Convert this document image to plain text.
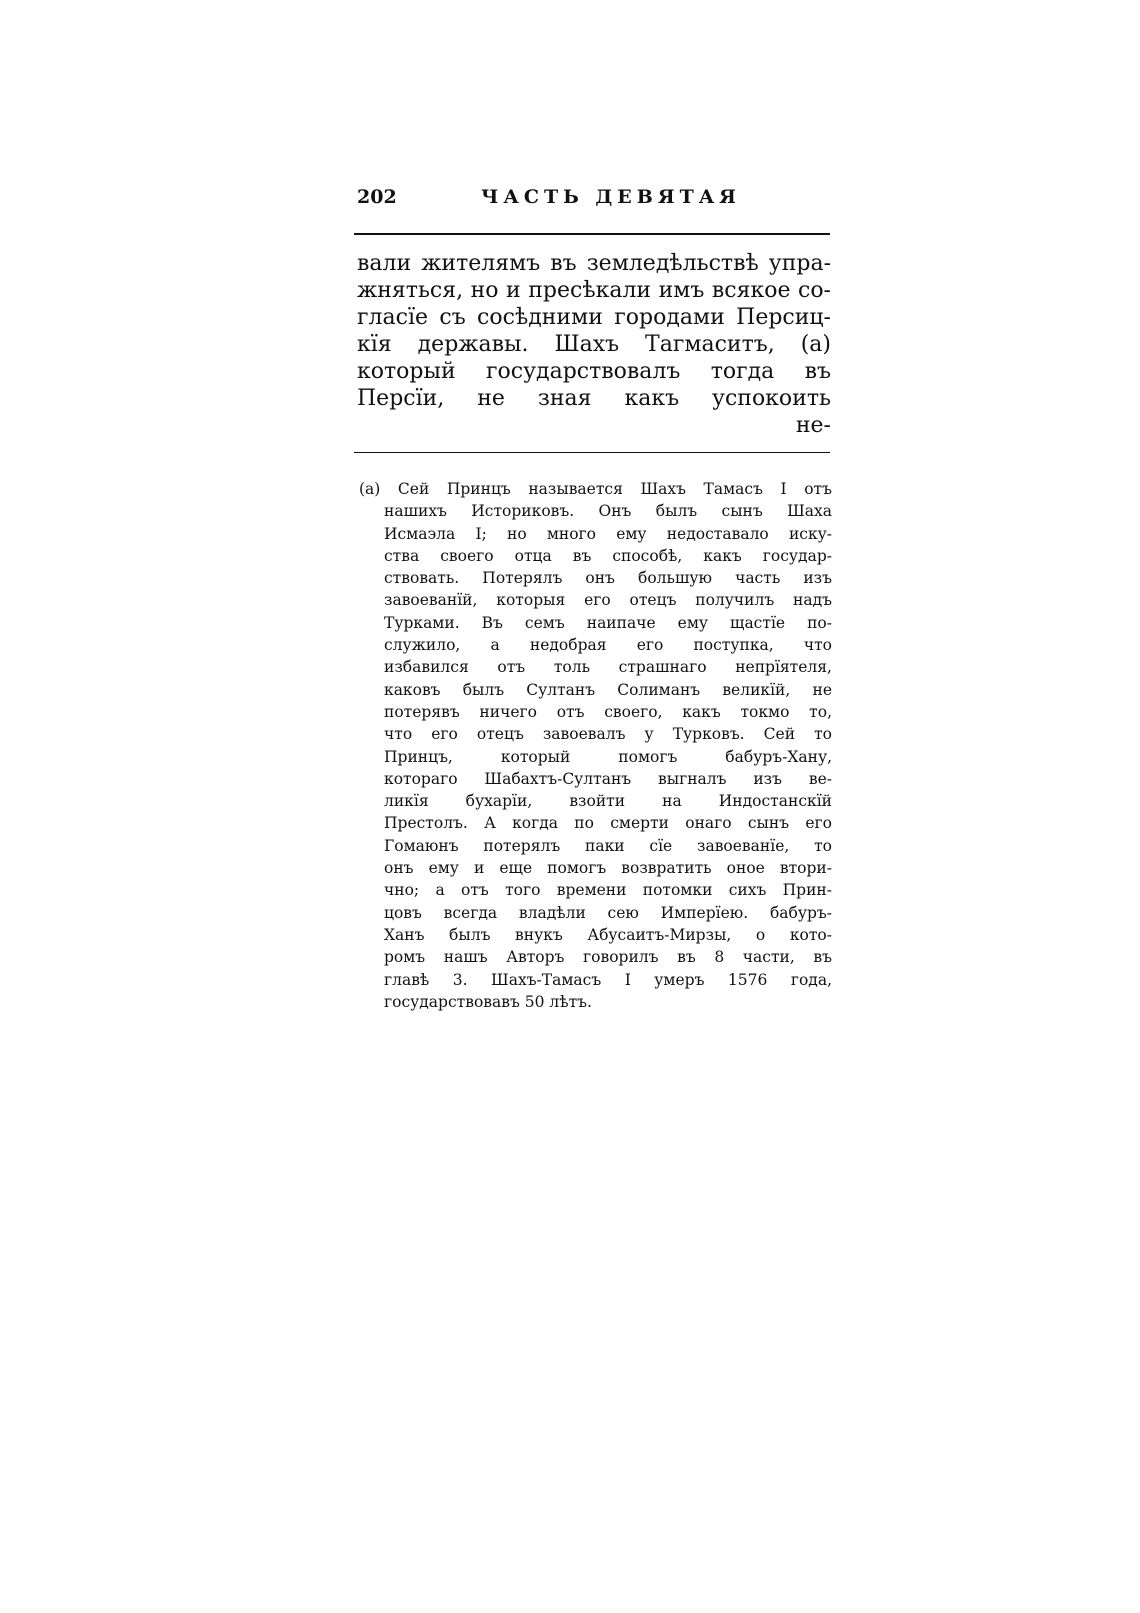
202	ЧАСТЬ ДЕВЯТАЯ
вали жителямъ въ земледѣльствѣ упра-
жняться, но и пресѣкали имъ всякое со-
гласїе съ сосѣдними городами Персиц-
кїя державы. Шахъ Тагмаситъ, (a)
который государствовалъ тогда въ
Персїи, не зная какъ успокоить
не-
(a) Сей Принцъ называется Шахъ Тамасъ I отъ
нашихъ Историковъ. Онъ былъ сынъ Шаха
Исмаэла I; но много ему недоставало иску-
ства своего отца въ способѣ, какъ государ-
ствовать. Потерялъ онъ большую часть изъ
завоеванїй, которыя его отецъ получилъ надъ
Турками. Въ семъ наипаче ему щастїе по-
служило, а недобрая его поступка, что
избавился отъ толь страшнаго непрїятеля,
каковъ былъ Султанъ Солиманъ великїй, не
потерявъ ничего отъ своего, какъ токмо то,
что его отецъ завоевалъ у Турковъ. Сей то
Принцъ, который помогъ бабуръ-Хану,
котораго Шабахтъ-Султанъ выгналъ изъ ве-
ликїя бухарїи, взойти на Индостанскїй
Престолъ. А когда по смерти онаго сынъ его
Гомаюнъ потерялъ паки сїе завоеванїе, то
онъ ему и еще помогъ возвратить оное втори-
чно; а отъ того времени потомки сихъ Прин-
цовъ всегда владѣли сею Имперїею. бабуръ-
Ханъ былъ внукъ Абусаитъ-Мирзы, о кото-
ромъ нашъ Авторъ говорилъ въ 8 части, въ
главѣ 3. Шахъ-Тамасъ I умеръ 1576 года,
государствовавъ 50 лѣтъ.
